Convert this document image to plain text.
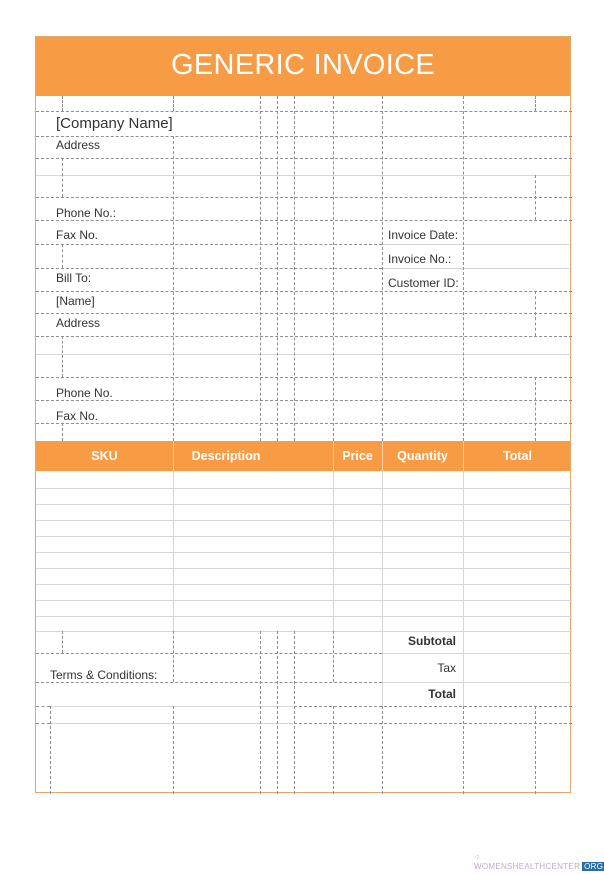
GENERIC INVOICE
[Company Name]
Address
Phone No.:
Fax No.	Invoice Date:
Invoice No.:
Customer ID:
Bill To:
[Name]
Address
Phone No.
Fax No.
SKU	Description	Price	Quantity	Total
Subtotal
Tax
Total
Terms & Conditions:
⁘WOMENSHEALTHCENTER ORG
